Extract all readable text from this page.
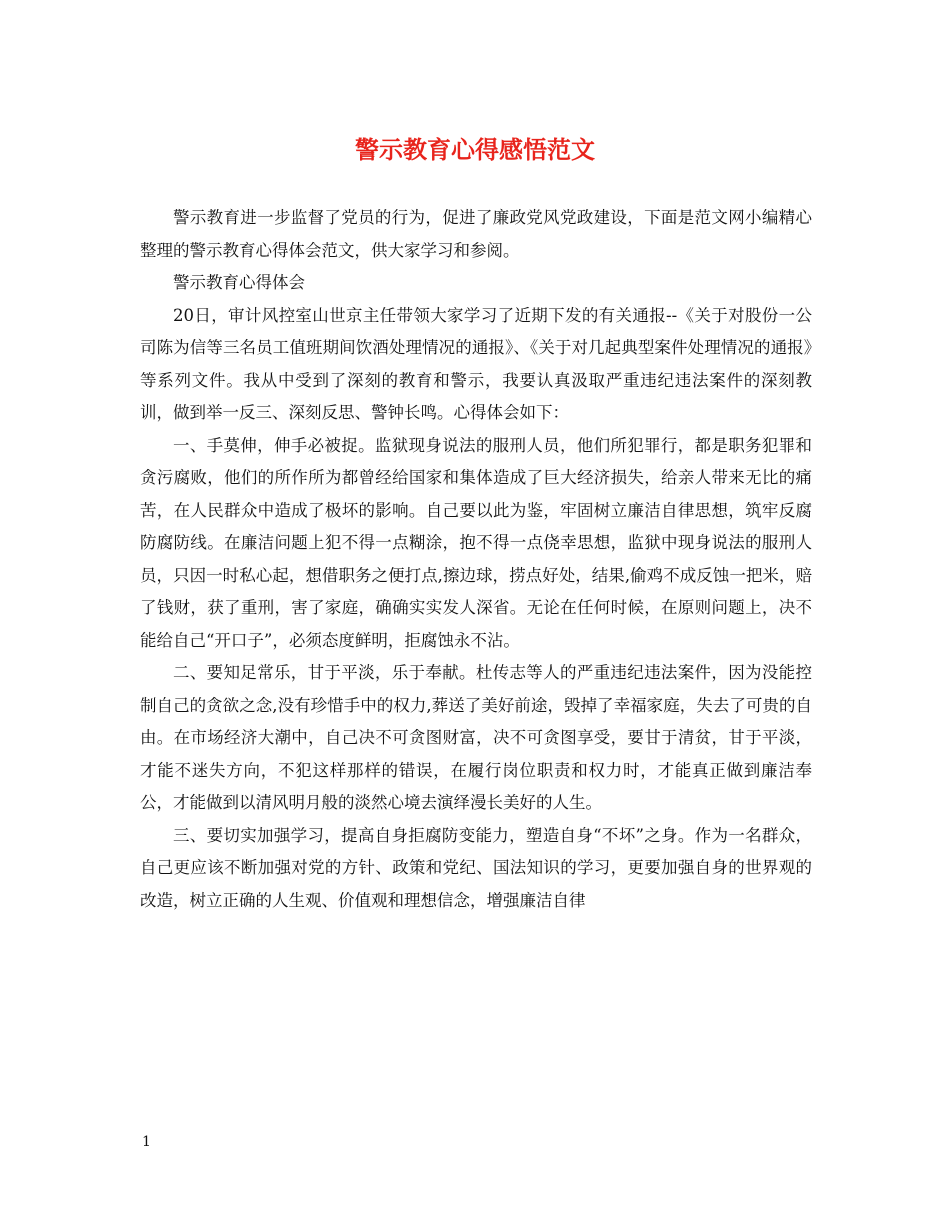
警示教育心得感悟范文

警示教育进一步监督了党员的行为，促进了廉政党风党政建设，下面是范文网小编精心整理的警示教育心得体会范文，供大家学习和参阅。

警示教育心得体会

20日，审计风控室山世京主任带领大家学习了近期下发的有关通报--《关于对股份一公司陈为信等三名员工值班期间饮酒处理情况的通报》、《关于对几起典型案件处理情况的通报》等系列文件。我从中受到了深刻的教育和警示，我要认真汲取严重违纪违法案件的深刻教训，做到举一反三、深刻反思、警钟长鸣。心得体会如下：

一、手莫伸，伸手必被捉。监狱现身说法的服刑人员，他们所犯罪行，都是职务犯罪和贪污腐败，他们的所作所为都曾经给国家和集体造成了巨大经济损失，给亲人带来无比的痛苦，在人民群众中造成了极坏的影响。自己要以此为鉴，牢固树立廉洁自律思想，筑牢反腐防腐防线。在廉洁问题上犯不得一点糊涂，抱不得一点侥幸思想，监狱中现身说法的服刑人员，只因一时私心起，想借职务之便打点,擦边球，捞点好处，结果,偷鸡不成反蚀一把米，赔了钱财，获了重刑，害了家庭，确确实实发人深省。无论在任何时候，在原则问题上，决不能给自己“开口子”，必须态度鲜明，拒腐蚀永不沾。

二、要知足常乐，甘于平淡，乐于奉献。杜传志等人的严重违纪违法案件，因为没能控制自己的贪欲之念,没有珍惜手中的权力,葬送了美好前途，毁掉了幸福家庭，失去了可贵的自由。在市场经济大潮中，自己决不可贪图财富，决不可贪图享受，要甘于清贫，甘于平淡，才能不迷失方向，不犯这样那样的错误，在履行岗位职责和权力时，才能真正做到廉洁奉公，才能做到以清风明月般的淡然心境去演绎漫长美好的人生。

三、要切实加强学习，提高自身拒腐防变能力，塑造自身“不坏”之身。作为一名群众，自己更应该不断加强对党的方针、政策和党纪、国法知识的学习，更要加强自身的世界观的改造，树立正确的人生观、价值观和理想信念，增强廉洁自律

1
